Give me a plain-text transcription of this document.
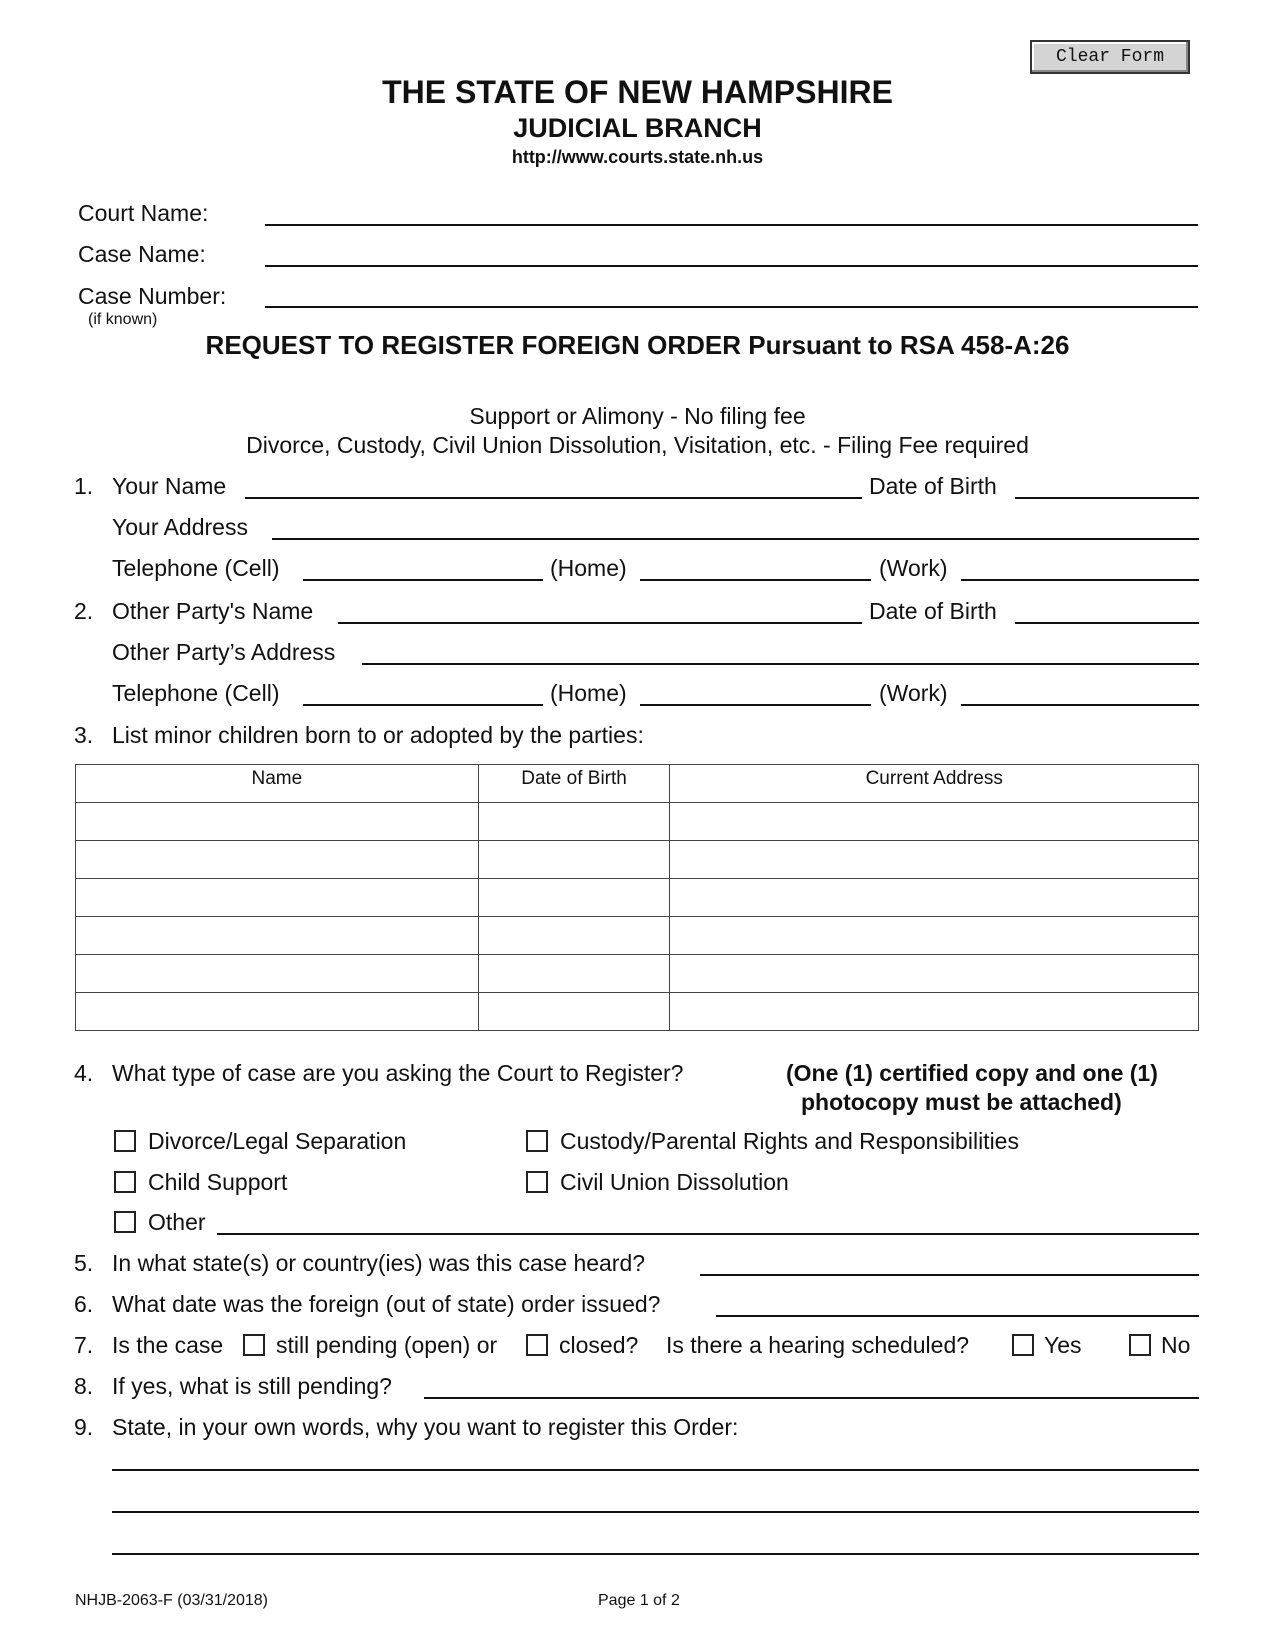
Clear Form
THE STATE OF NEW HAMPSHIRE
JUDICIAL BRANCH
http://www.courts.state.nh.us
Court Name:
Case Name:
Case Number:
(if known)
REQUEST TO REGISTER FOREIGN ORDER Pursuant to RSA 458-A:26
Support or Alimony - No filing fee
Divorce, Custody, Civil Union Dissolution, Visitation, etc. - Filing Fee required
1. Your Name	Date of Birth
Your Address
Telephone (Cell)	(Home)	(Work)
2. Other Party's Name	Date of Birth
Other Party’s Address
Telephone (Cell)	(Home)	(Work)
3. List minor children born to or adopted by the parties:
Name	Date of Birth	Current Address

4. What type of case are you asking the Court to Register?	(One (1) certified copy and one (1)
photocopy must be attached)
Divorce/Legal Separation	Custody/Parental Rights and Responsibilities
Child Support	Civil Union Dissolution
Other
5. In what state(s) or country(ies) was this case heard?
6. What date was the foreign (out of state) order issued?
7. Is the case still pending (open) or	closed? Is there a hearing scheduled?	Yes	No
8. If yes, what is still pending?
9. State, in your own words, why you want to register this Order:
NHJB-2063-F (03/31/2018)	Page 1 of 2
